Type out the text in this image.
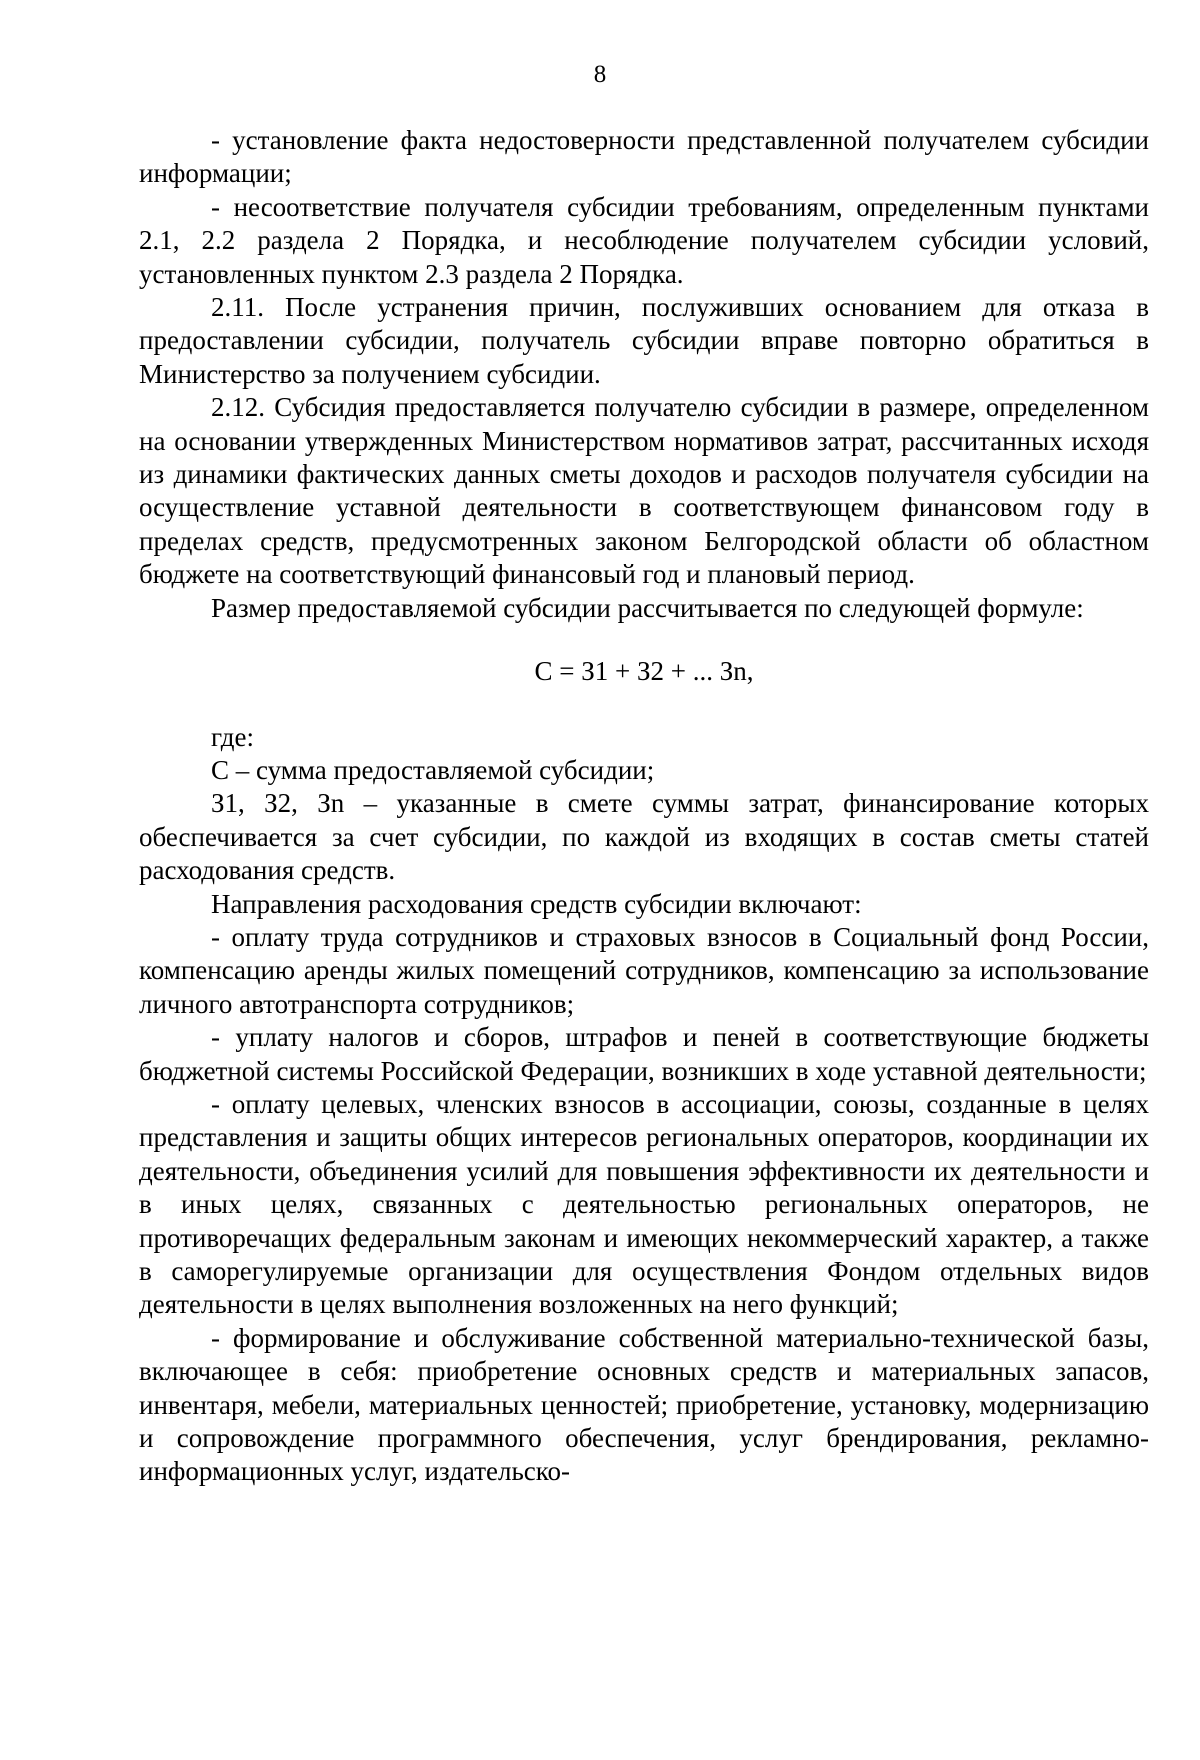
8

- установление факта недостоверности представленной получателем субсидии информации;

- несоответствие получателя субсидии требованиям, определенным пунктами 2.1, 2.2 раздела 2 Порядка, и несоблюдение получателем субсидии условий, установленных пунктом 2.3 раздела 2 Порядка.

2.11. После устранения причин, послуживших основанием для отказа в предоставлении субсидии, получатель субсидии вправе повторно обратиться в Министерство за получением субсидии.

2.12. Субсидия предоставляется получателю субсидии в размере, определенном на основании утвержденных Министерством нормативов затрат, рассчитанных исходя из динамики фактических данных сметы доходов и расходов получателя субсидии на осуществление уставной деятельности в соответствующем финансовом году в пределах средств, предусмотренных законом Белгородской области об областном бюджете на соответствующий финансовый год и плановый период.

Размер предоставляемой субсидии рассчитывается по следующей формуле:

С = З1 + З2 + ... Зn,

где:

С – сумма предоставляемой субсидии;

З1, З2, Зn – указанные в смете суммы затрат, финансирование которых обеспечивается за счет субсидии, по каждой из входящих в состав сметы статей расходования средств.

Направления расходования средств субсидии включают:

- оплату труда сотрудников и страховых взносов в Социальный фонд России, компенсацию аренды жилых помещений сотрудников, компенсацию за использование личного автотранспорта сотрудников;

- уплату налогов и сборов, штрафов и пеней в соответствующие бюджеты бюджетной системы Российской Федерации, возникших в ходе уставной деятельности;

- оплату целевых, членских взносов в ассоциации, союзы, созданные в целях представления и защиты общих интересов региональных операторов, координации их деятельности, объединения усилий для повышения эффективности их деятельности и в иных целях, связанных с деятельностью региональных операторов, не противоречащих федеральным законам и имеющих некоммерческий характер, а также в саморегулируемые организации для осуществления Фондом отдельных видов деятельности в целях выполнения возложенных на него функций;

- формирование и обслуживание собственной материально-технической базы, включающее в себя: приобретение основных средств и материальных запасов, инвентаря, мебели, материальных ценностей; приобретение, установку, модернизацию и сопровождение программного обеспечения, услуг брендирования, рекламно-информационных услуг, издательско-
